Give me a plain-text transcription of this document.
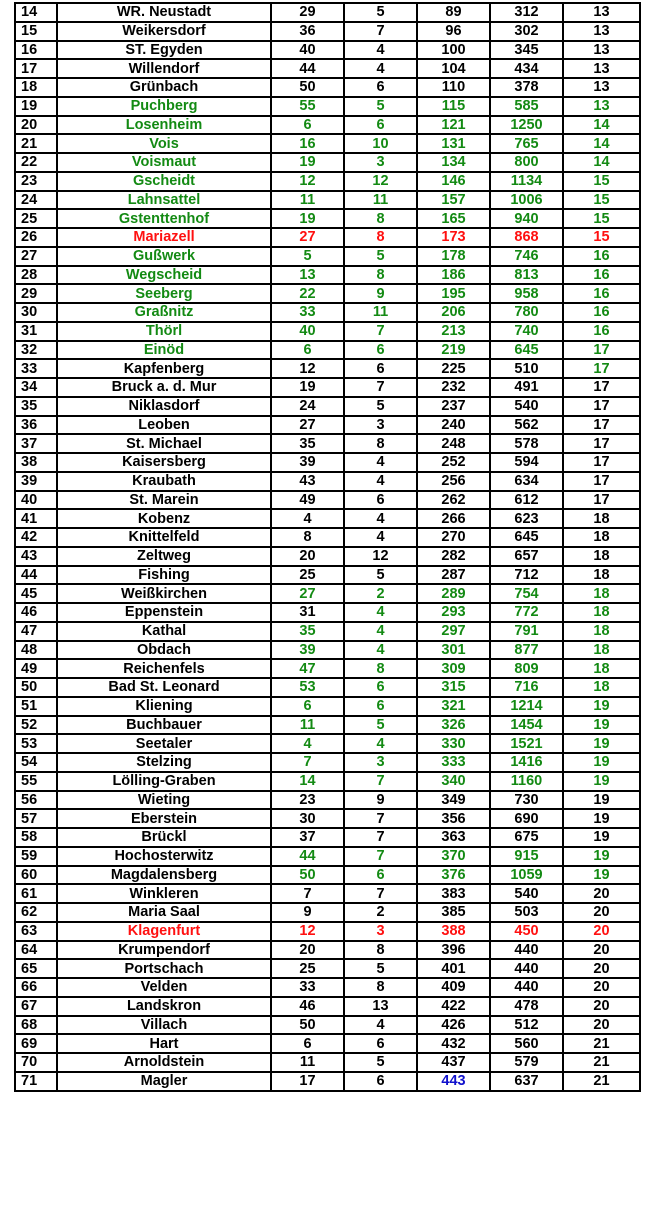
14	WR. Neustadt	29	5	89	312	13
15	Weikersdorf	36	7	96	302	13
16	ST. Egyden	40	4	100	345	13
17	Willendorf	44	4	104	434	13
18	Grünbach	50	6	110	378	13
19	Puchberg	55	5	115	585	13
20	Losenheim	6	6	121	1250	14
21	Vois	16	10	131	765	14
22	Voismaut	19	3	134	800	14
23	Gscheidt	12	12	146	1134	15
24	Lahnsattel	11	11	157	1006	15
25	Gstenttenhof	19	8	165	940	15
26	Mariazell	27	8	173	868	15
27	Gußwerk	5	5	178	746	16
28	Wegscheid	13	8	186	813	16
29	Seeberg	22	9	195	958	16
30	Graßnitz	33	11	206	780	16
31	Thörl	40	7	213	740	16
32	Einöd	6	6	219	645	17
33	Kapfenberg	12	6	225	510	17
34	Bruck a. d. Mur	19	7	232	491	17
35	Niklasdorf	24	5	237	540	17
36	Leoben	27	3	240	562	17
37	St. Michael	35	8	248	578	17
38	Kaisersberg	39	4	252	594	17
39	Kraubath	43	4	256	634	17
40	St. Marein	49	6	262	612	17
41	Kobenz	4	4	266	623	18
42	Knittelfeld	8	4	270	645	18
43	Zeltweg	20	12	282	657	18
44	Fishing	25	5	287	712	18
45	Weißkirchen	27	2	289	754	18
46	Eppenstein	31	4	293	772	18
47	Kathal	35	4	297	791	18
48	Obdach	39	4	301	877	18
49	Reichenfels	47	8	309	809	18
50	Bad St. Leonard	53	6	315	716	18
51	Kliening	6	6	321	1214	19
52	Buchbauer	11	5	326	1454	19
53	Seetaler	4	4	330	1521	19
54	Stelzing	7	3	333	1416	19
55	Lölling-Graben	14	7	340	1160	19
56	Wieting	23	9	349	730	19
57	Eberstein	30	7	356	690	19
58	Brückl	37	7	363	675	19
59	Hochosterwitz	44	7	370	915	19
60	Magdalensberg	50	6	376	1059	19
61	Winkleren	7	7	383	540	20
62	Maria Saal	9	2	385	503	20
63	Klagenfurt	12	3	388	450	20
64	Krumpendorf	20	8	396	440	20
65	Portschach	25	5	401	440	20
66	Velden	33	8	409	440	20
67	Landskron	46	13	422	478	20
68	Villach	50	4	426	512	20
69	Hart	6	6	432	560	21
70	Arnoldstein	11	5	437	579	21
71	Magler	17	6	443	637	21
